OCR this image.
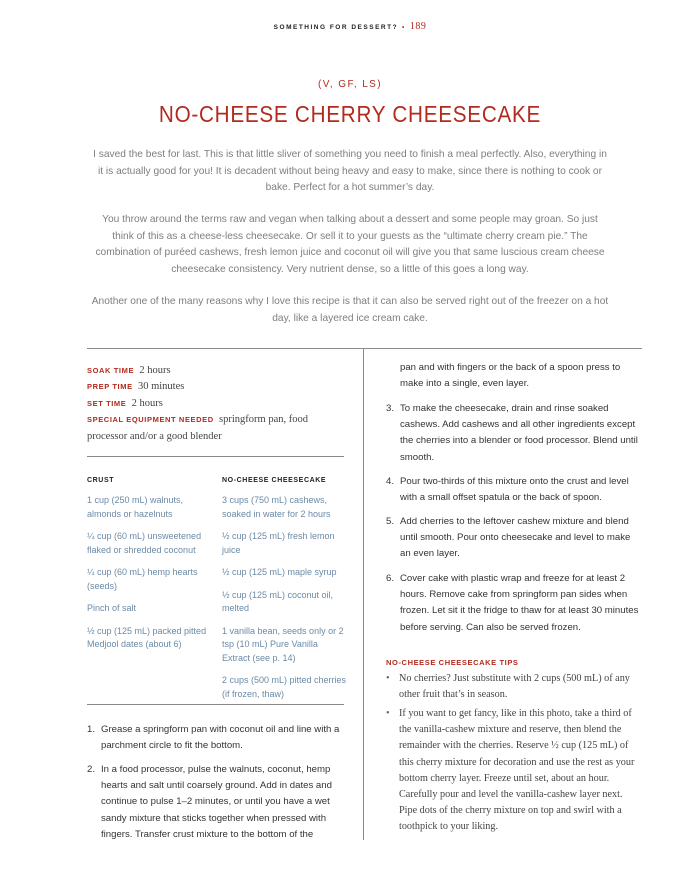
SOMETHING FOR DESSERT? • 189
(V, GF, LS)
NO-CHEESE CHERRY CHEESECAKE

I saved the best for last. This is that little sliver of something you need to finish a meal perfectly. Also, everything in it is actually good for you! It is decadent without being heavy and easy to make, since there is nothing to cook or bake. Perfect for a hot summer’s day.

You throw around the terms raw and vegan when talking about a dessert and some people may groan. So just think of this as a cheese-less cheesecake. Or sell it to your guests as the “ultimate cherry cream pie.” The combination of puréed cashews, fresh lemon juice and coconut oil will give you that same luscious cream cheese cheesecake consistency. Very nutrient dense, so a little of this goes a long way.

Another one of the many reasons why I love this recipe is that it can also be served right out of the freezer on a hot day, like a layered ice cream cake.

SOAK TIME 2 hours
PREP TIME 30 minutes
SET TIME 2 hours
SPECIAL EQUIPMENT NEEDED springform pan, food processor and/or a good blender
CRUST
1 cup (250 mL) walnuts, almonds or hazelnuts
¼ cup (60 mL) unsweetened flaked or shredded coconut
¼ cup (60 mL) hemp hearts (seeds)
Pinch of salt
½ cup (125 mL) packed pitted Medjool dates (about 6)
NO-CHEESE CHEESECAKE
3 cups (750 mL) cashews, soaked in water for 2 hours
½ cup (125 mL) fresh lemon juice
½ cup (125 mL) maple syrup
½ cup (125 mL) coconut oil, melted
1 vanilla bean, seeds only or 2 tsp (10 mL) Pure Vanilla Extract (see p. 14)
2 cups (500 mL) pitted cherries (if frozen, thaw)
1. Grease a springform pan with coconut oil and line with a parchment circle to fit the bottom.
2. In a food processor, pulse the walnuts, coconut, hemp hearts and salt until coarsely ground. Add in dates and continue to pulse 1–2 minutes, or until you have a wet sandy mixture that sticks together when pressed with fingers. Transfer crust mixture to the bottom of the
pan and with fingers or the back of a spoon press to make into a single, even layer.
3. To make the cheesecake, drain and rinse soaked cashews. Add cashews and all other ingredients except the cherries into a blender or food processor. Blend until smooth.
4. Pour two-thirds of this mixture onto the crust and level with a small offset spatula or the back of spoon.
5. Add cherries to the leftover cashew mixture and blend until smooth. Pour onto cheesecake and level to make an even layer.
6. Cover cake with plastic wrap and freeze for at least 2 hours. Remove cake from springform pan sides when frozen. Let sit it the fridge to thaw for at least 30 minutes before serving. Can also be served frozen.
NO-CHEESE CHEESECAKE TIPS
• No cherries? Just substitute with 2 cups (500 mL) of any other fruit that’s in season.
• If you want to get fancy, like in this photo, take a third of the vanilla-cashew mixture and reserve, then blend the remainder with the cherries. Reserve ½ cup (125 mL) of this cherry mixture for decoration and use the rest as your bottom cherry layer. Freeze until set, about an hour. Carefully pour and level the vanilla-cashew layer next. Pipe dots of the cherry mixture on top and swirl with a toothpick to your liking.
